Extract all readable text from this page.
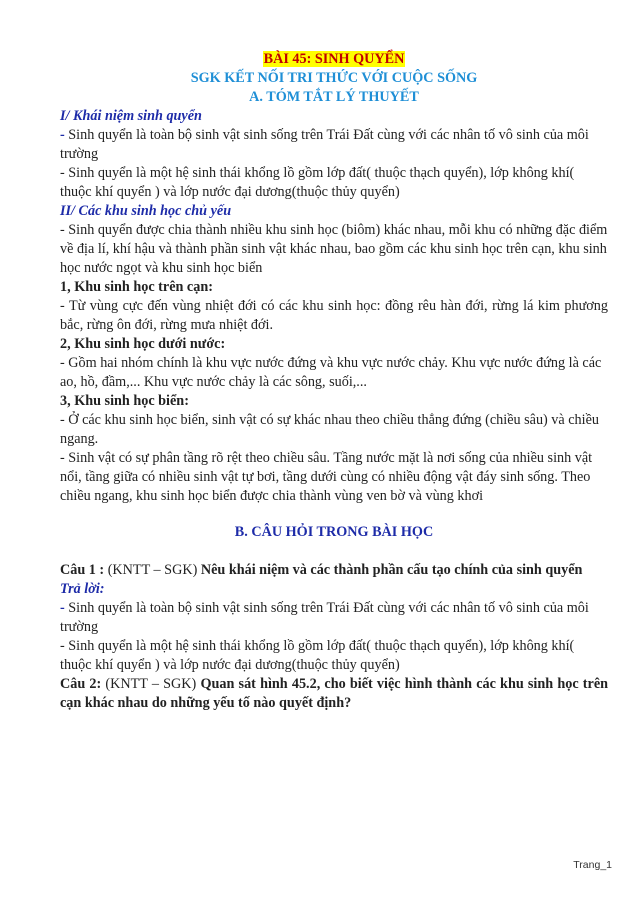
BÀI 45: SINH QUYỂN

SGK KẾT NỐI TRI THỨC VỚI CUỘC SỐNG

A. TÓM TẮT LÝ THUYẾT

I/ Khái niệm sinh quyển

- Sinh quyển là toàn bộ sinh vật sinh sống trên Trái Đất cùng với các nhân tố vô sinh của môi trường

- Sinh quyển là một hệ sinh thái khổng lồ gồm lớp đất( thuộc thạch quyển), lớp không khí( thuộc khí quyển ) và lớp nước đại dương(thuộc thủy quyển)

II/ Các khu sinh học chủ yếu

- Sinh quyển được chia thành nhiều khu sinh học (biôm) khác nhau, mỗi khu có những đặc điểm về địa lí, khí hậu và thành phần sinh vật khác nhau, bao gồm các khu sinh học trên cạn, khu sinh học nước ngọt và khu sinh học biển

1, Khu sinh học trên cạn:

- Từ vùng cực đến vùng nhiệt đới có các khu sinh học: đồng rêu hàn đới, rừng lá kim phương bắc, rừng ôn đới, rừng mưa nhiệt đới.

2, Khu sinh học dưới nước:

- Gồm hai nhóm chính là khu vực nước đứng và khu vực nước chảy. Khu vực nước đứng là các ao, hồ, đầm,... Khu vực nước chảy là các sông, suối,...

3, Khu sinh học biển:

- Ở các khu sinh học biển, sinh vật có sự khác nhau theo chiều thẳng đứng (chiều sâu) và chiều ngang.

- Sinh vật có sự phân tầng rõ rệt theo chiều sâu. Tầng nước mặt là nơi sống của nhiều sinh vật nổi, tầng giữa có nhiều sinh vật tự bơi, tầng dưới cùng có nhiều động vật đáy sinh sống. Theo chiều ngang, khu sinh học biển được chia thành vùng ven bờ và vùng khơi

B. CÂU HỎI TRONG BÀI HỌC

Câu 1 : (KNTT – SGK) Nêu khái niệm và các thành phần cấu tạo chính của sinh quyển

Trả lời:

- Sinh quyển là toàn bộ sinh vật sinh sống trên Trái Đất cùng với các nhân tố vô sinh của môi trường

- Sinh quyển là một hệ sinh thái khổng lồ gồm lớp đất( thuộc thạch quyển), lớp không khí( thuộc khí quyển ) và lớp nước đại dương(thuộc thủy quyển)

Câu 2: (KNTT – SGK) Quan sát hình 45.2, cho biết việc hình thành các khu sinh học trên cạn khác nhau do những yếu tố nào quyết định?

Trang_1
